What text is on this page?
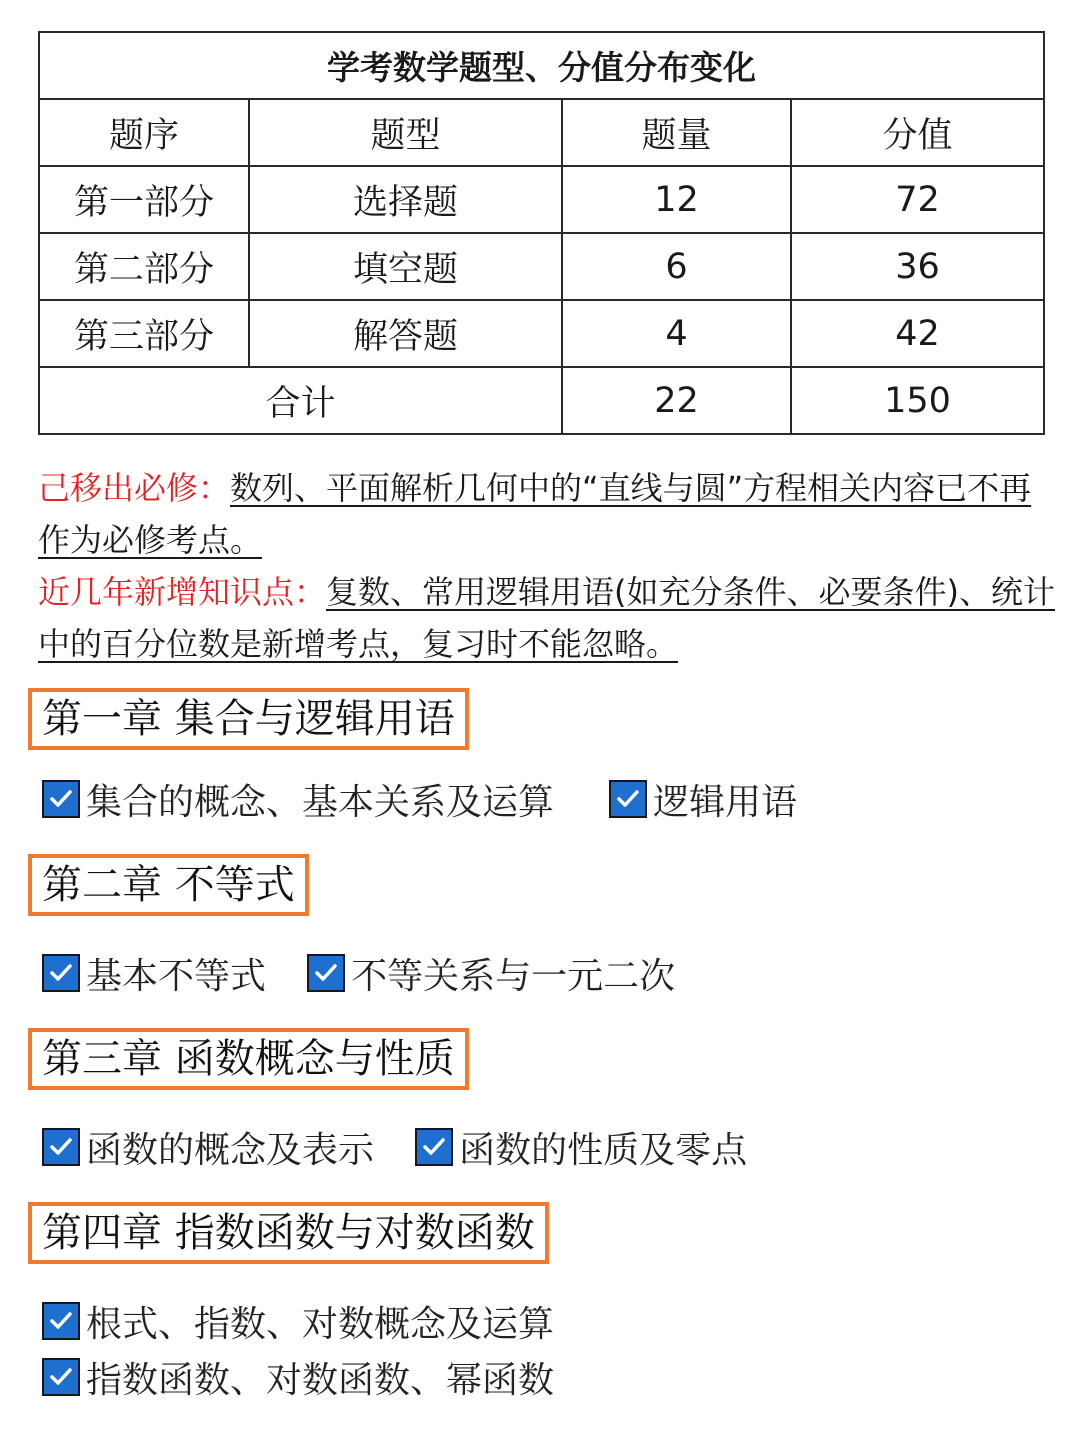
学考数学题型、分值分布变化			
题序	题型	题量	分值
第一部分	选择题	12	72
第二部分	填空题	6	36
第三部分	解答题	4	42
合计		22	150

己移出必修：数列、平面解析几何中的“直线与圆”方程相关内容已不再作为必修考点。

近几年新增知识点：复数、常用逻辑用语(如充分条件、必要条件)、统计中的百分位数是新增考点，复习时不能忽略。

第一章 集合与逻辑用语
集合的概念、基本关系及运算
	逻辑用语
第二章 不等式
基本不等式
不等关系与一元二次
第三章 函数概念与性质
函数的概念及表示
函数的性质及零点
第四章 指数函数与对数函数
根式、指数、对数概念及运算
指数函数、对数函数、幂函数
